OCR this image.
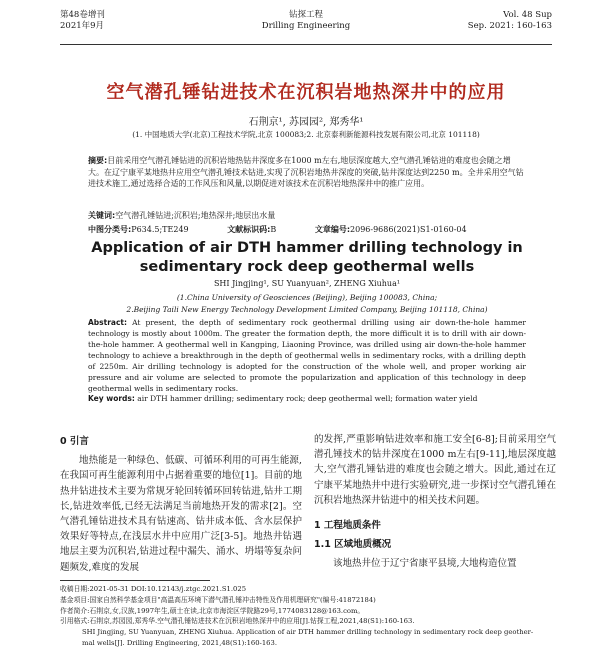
第48卷增刊
2021年9月
钻探工程
Drilling Engineering
Vol. 48 Sup
Sep. 2021: 160-163
空气潜孔锤钻进技术在沉积岩地热深井中的应用
石荆京¹, 苏园园², 郑秀华¹
(1. 中国地质大学(北京)工程技术学院,北京 100083;2. 北京泰利新能源科技发展有限公司,北京 101118)
摘要:目前采用空气潜孔锤钻进的沉积岩地热钻井深度多在1000 m左右,地层深度越大,空气潜孔锤钻进的难度也会随之增大。在辽宁康平某地热井应用空气潜孔锤技术钻进,实现了沉积岩地热井深度的突破,钻井深度达到2250 m。全井采用空气钻进技术施工,通过选择合适的工作风压和风量,以期促进对该技术在沉积岩地热深井中的推广应用。
关键词:空气潜孔锤钻进;沉积岩;地热深井;地层出水量
中图分类号:P634.5;TE249	文献标识码:B	文章编号:2096-9686(2021)S1-0160-04
Application of air DTH hammer drilling technology in sedimentary rock deep geothermal wells
SHI Jingjing¹, SU Yuanyuan², ZHENG Xiuhua¹
(1.China University of Geosciences (Beijing), Beijing 100083, China;
2.Beijing Taili New Energy Technology Development Limited Company, Beijing 101118, China)
Abstract: At present, the depth of sedimentary rock geothermal drilling using air down-the-hole hammer technology is mostly about 1000m. The greater the formation depth, the more difficult it is to drill with air down-the-hole hammer. A geothermal well in Kangping, Liaoning Province, was drilled using air down-the-hole hammer technology to achieve a breakthrough in the depth of geothermal wells in sedimentary rocks, with a drilling depth of 2250m. Air drilling technology is adopted for the construction of the whole well, and proper working air pressure and air volume are selected to promote the popularization and application of this technology in deep geothermal wells in sedimentary rocks.
Key words: air DTH hammer drilling; sedimentary rock; deep geothermal well; formation water yield
0 引言

地热能是一种绿色、低碳、可循环利用的可再生能源,在我国可再生能源利用中占据着重要的地位[1]。目前的地热井钻进技术主要为常规牙轮回转循环回转钻进,钻井工期长,钻进效率低,已经无法满足当前地热开发的需求[2]。空气潜孔锤钻进技术具有钻速高、钻井成本低、含水层保护效果好等特点,在浅层水井中应用广泛[3-5]。地热井钻遇地层主要为沉积岩,钻进过程中漏失、涌水、坍塌等复杂问题频发,难度的发展

的发挥,严重影响钻进效率和施工安全[6-8];目前采用空气潜孔锤技术的钻井深度在1000 m左右[9-11],地层深度越大,空气潜孔锤钻进的难度也会随之增大。因此,通过在辽宁康平某地热井中进行实验研究,进一步探讨空气潜孔锤在沉积岩地热深井钻进中的相关技术问题。

1 工程地质条件
1.1 区域地质概况

该地热井位于辽宁省康平县境,大地构造位置

收稿日期:2021-05-31 DOI:10.12143/j.ztgc.2021.S1.025
基金项目:国家自然科学基金项目"高温高压环境下潜气潜孔锤冲击特性及作用机理研究"(编号:41872184)
作者简介:石荆京,女,汉族,1997年生,硕士在读,北京市海淀区学院路29号,1774083128@163.com。
引用格式:石荆京,苏园园,郑秀华.空气潜孔锤钻进技术在沉积岩地热深井中的应用[J].钻探工程,2021,48(S1):160-163.
SHI Jingjing, SU Yuanyuan, ZHENG Xiuhua. Application of air DTH hammer drilling technology in sedimentary rock deep geother-
mal wells[J]. Drilling Engineering, 2021,48(S1):160-163.
